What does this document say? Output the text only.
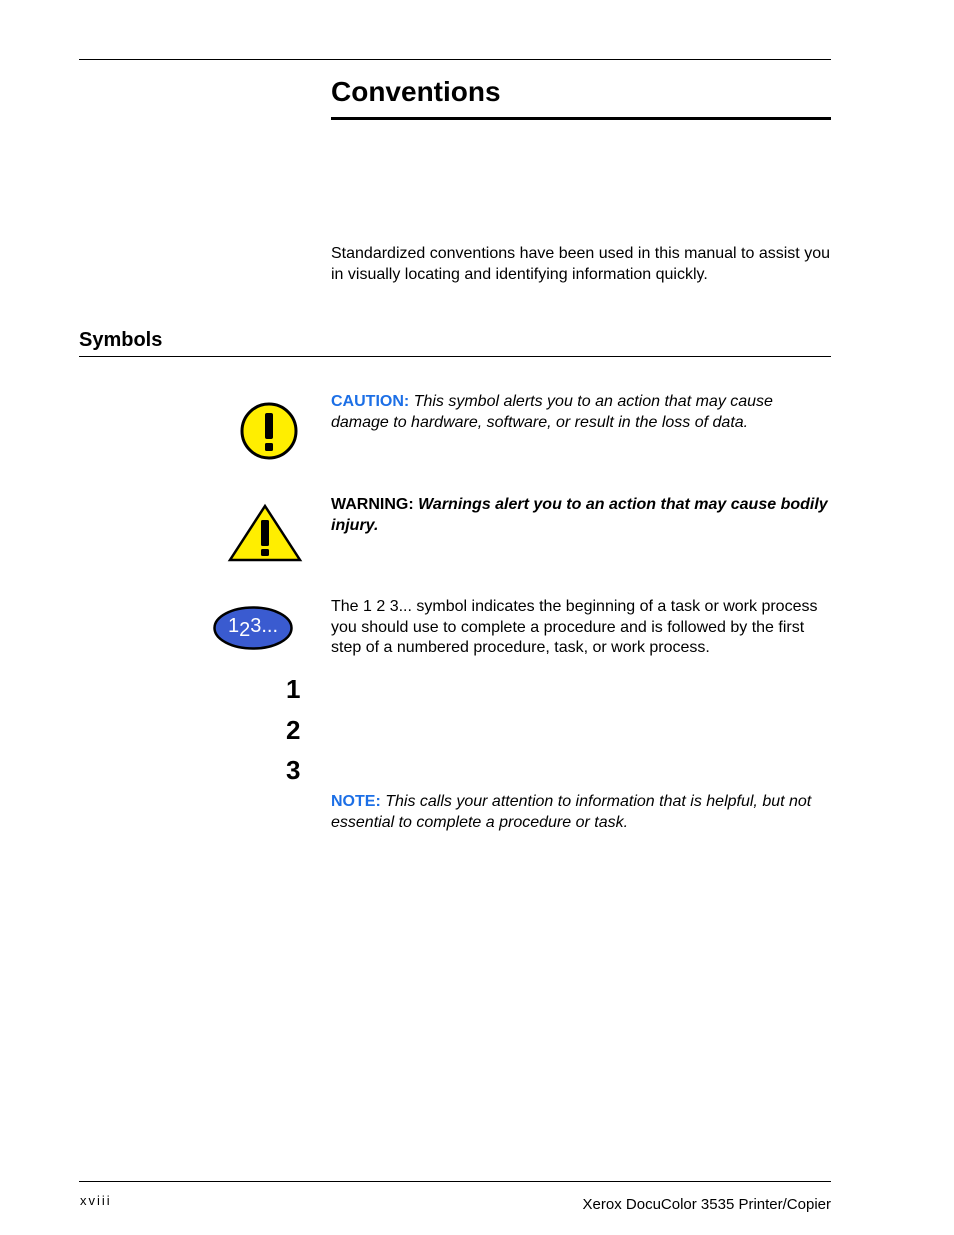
Conventions
Standardized conventions have been used in this manual to assist you in visually locating and identifying information quickly.
Symbols
CAUTION: This symbol alerts you to an action that may cause damage to hardware, software, or result in the loss of data.
WARNING: Warnings alert you to an action that may cause bodily injury.
123...
The 1 2 3... symbol indicates the beginning of a task or work process you should use to complete a procedure and is followed by the first step of a numbered procedure, task, or work process.
1
2
3
NOTE: This calls your attention to information that is helpful, but not essential to complete a procedure or task.
xviii	Xerox DocuColor 3535 Printer/Copier
